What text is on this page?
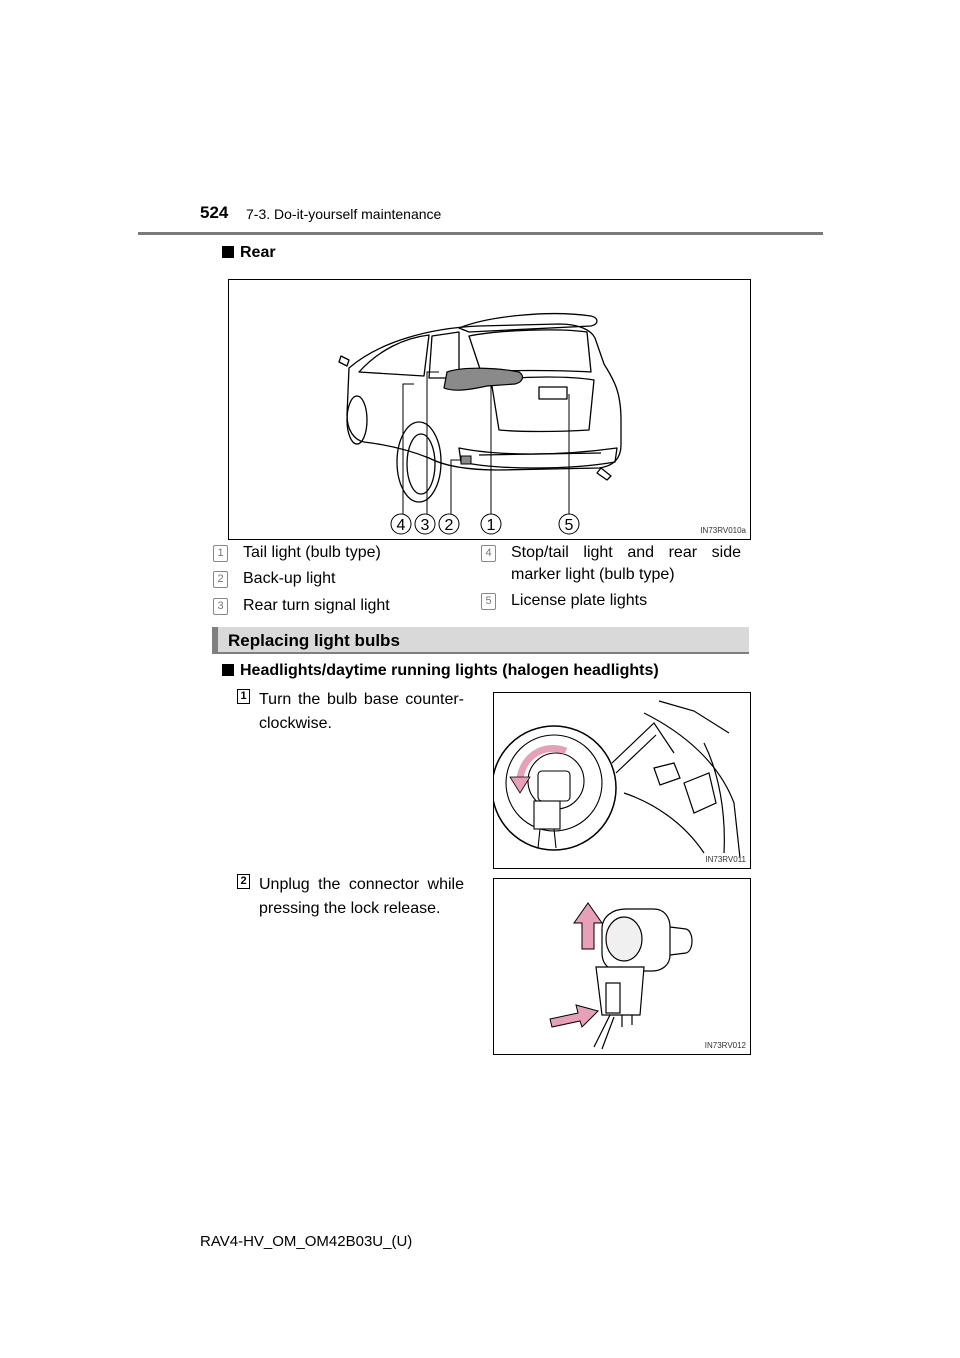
524 7-3. Do-it-yourself maintenance
Rear
4 3 2 1	5	IN73RV010a
1 Tail light (bulb type)
2 Back-up light
3 Rear turn signal light
4 Stop/tail light and rear side marker light (bulb type)
5 License plate lights
Replacing light bulbs
Headlights/daytime running lights (halogen headlights)
1 Turn the bulb base counter-clockwise.
IN73RV011
2 Unplug the connector while pressing the lock release.
IN73RV012
RAV4-HV_OM_OM42B03U_(U)
